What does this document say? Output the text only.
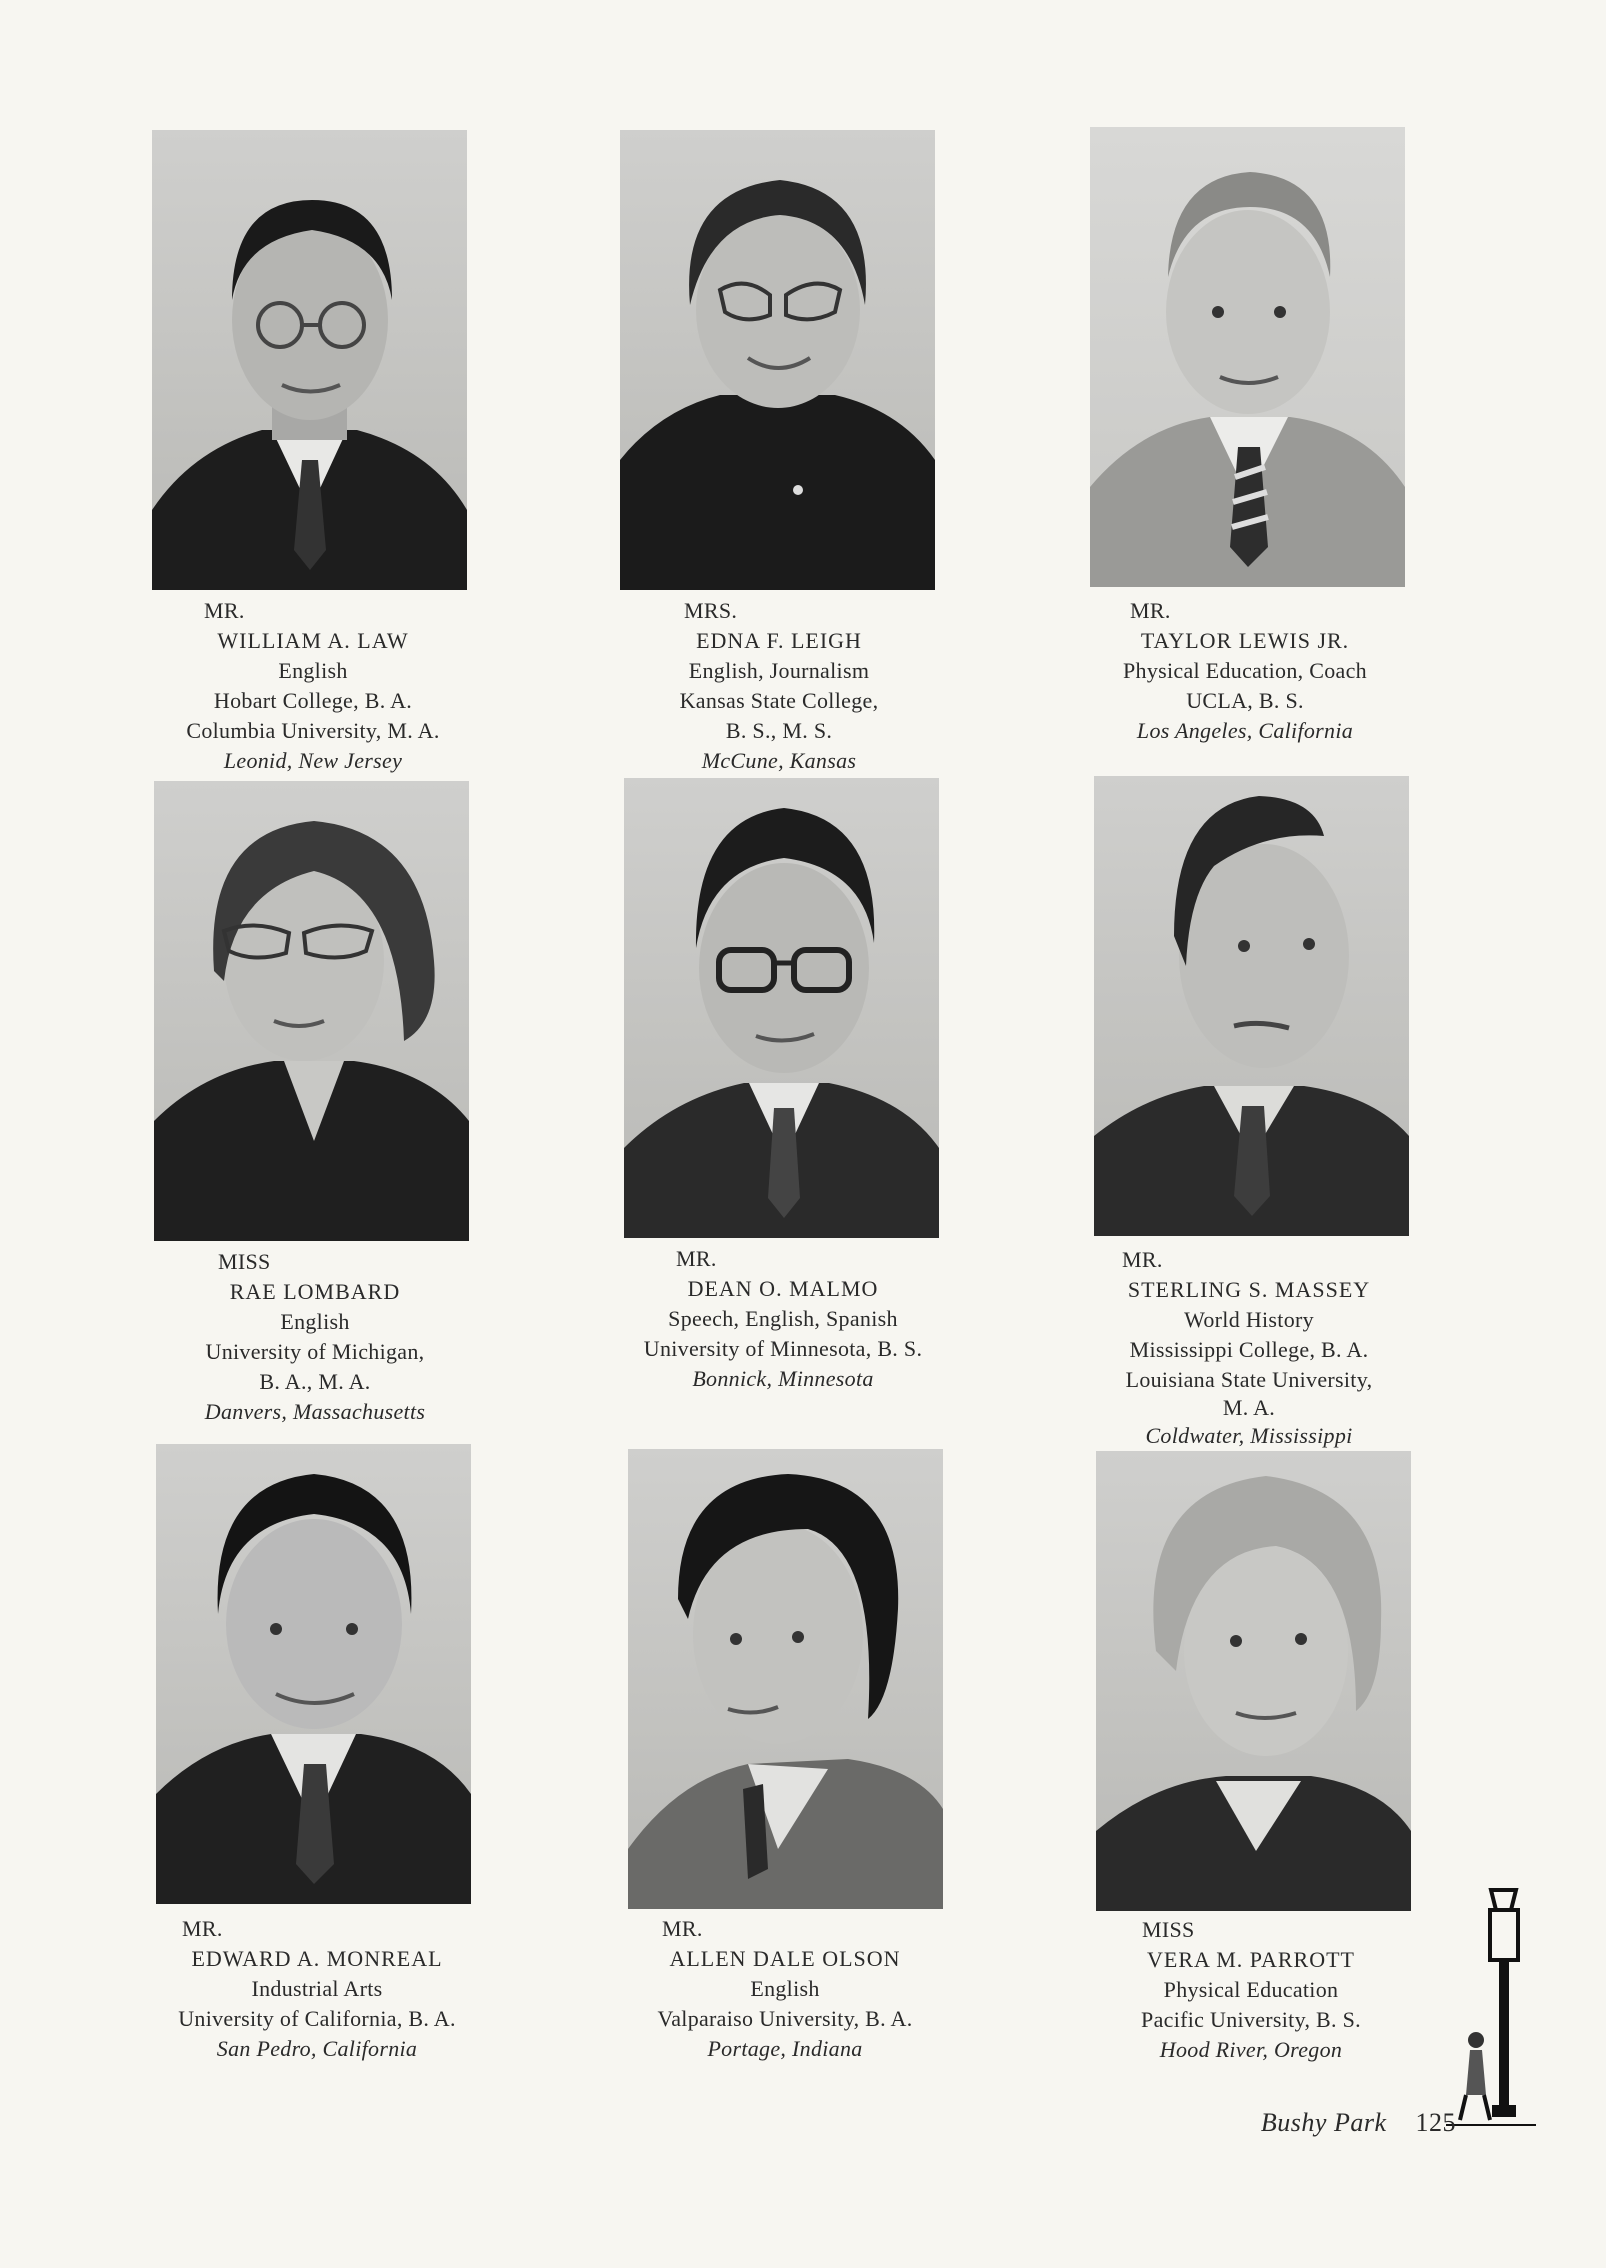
MR.
WILLIAM A. LAW
English
Hobart College, B. A.
Columbia University, M. A.
Leonid, New Jersey
MRS.
EDNA F. LEIGH
English, Journalism
Kansas State College,
B. S., M. S.
McCune, Kansas
MR.
TAYLOR LEWIS JR.
Physical Education, Coach
UCLA, B. S.
Los Angeles, California
MISS
RAE LOMBARD
English
University of Michigan,
B. A., M. A.
Danvers, Massachusetts
MR.
DEAN O. MALMO
Speech, English, Spanish
University of Minnesota, B. S.
Bonnick, Minnesota
MR.
STERLING S. MASSEY
World History
Mississippi College, B. A.
Louisiana State University,
M. A.
Coldwater, Mississippi
MR.
EDWARD A. MONREAL
Industrial Arts
University of California, B. A.
San Pedro, California
MR.
ALLEN DALE OLSON
English
Valparaiso University, B. A.
Portage, Indiana
MISS
VERA M. PARROTT
Physical Education
Pacific University, B. S.
Hood River, Oregon
Bushy Park 125
